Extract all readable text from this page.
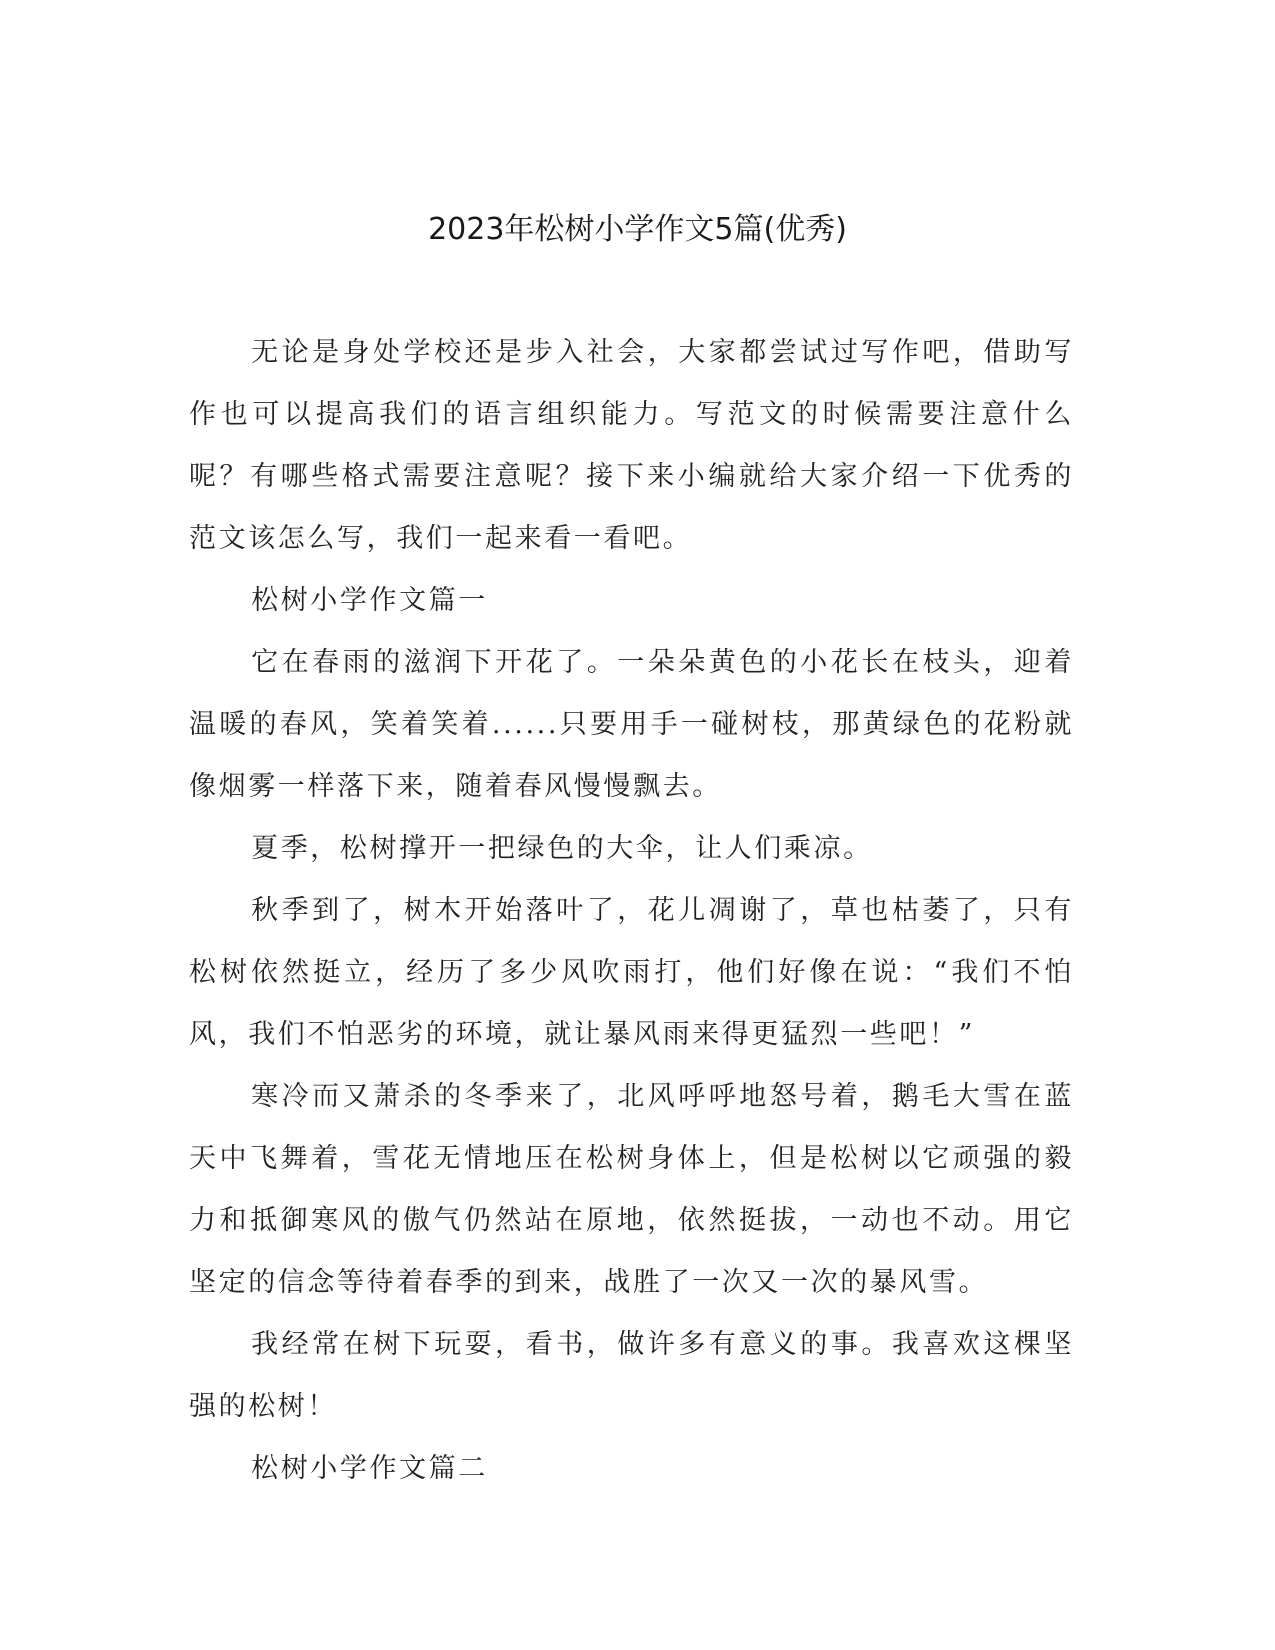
2023年松树小学作文5篇(优秀)

无论是身处学校还是步入社会，大家都尝试过写作吧，借助写作也可以提高我们的语言组织能力。写范文的时候需要注意什么呢？有哪些格式需要注意呢？接下来小编就给大家介绍一下优秀的范文该怎么写，我们一起来看一看吧。

松树小学作文篇一

它在春雨的滋润下开花了。一朵朵黄色的小花长在枝头，迎着温暖的春风，笑着笑着......只要用手一碰树枝，那黄绿色的花粉就像烟雾一样落下来，随着春风慢慢飘去。

夏季，松树撑开一把绿色的大伞，让人们乘凉。

秋季到了，树木开始落叶了，花儿凋谢了，草也枯萎了，只有松树依然挺立，经历了多少风吹雨打，他们好像在说：“我们不怕风，我们不怕恶劣的环境，就让暴风雨来得更猛烈一些吧！”

寒冷而又萧杀的冬季来了，北风呼呼地怒号着，鹅毛大雪在蓝天中飞舞着，雪花无情地压在松树身体上，但是松树以它顽强的毅力和抵御寒风的傲气仍然站在原地，依然挺拔，一动也不动。用它坚定的信念等待着春季的到来，战胜了一次又一次的暴风雪。

我经常在树下玩耍，看书，做许多有意义的事。我喜欢这棵坚强的松树！

松树小学作文篇二
